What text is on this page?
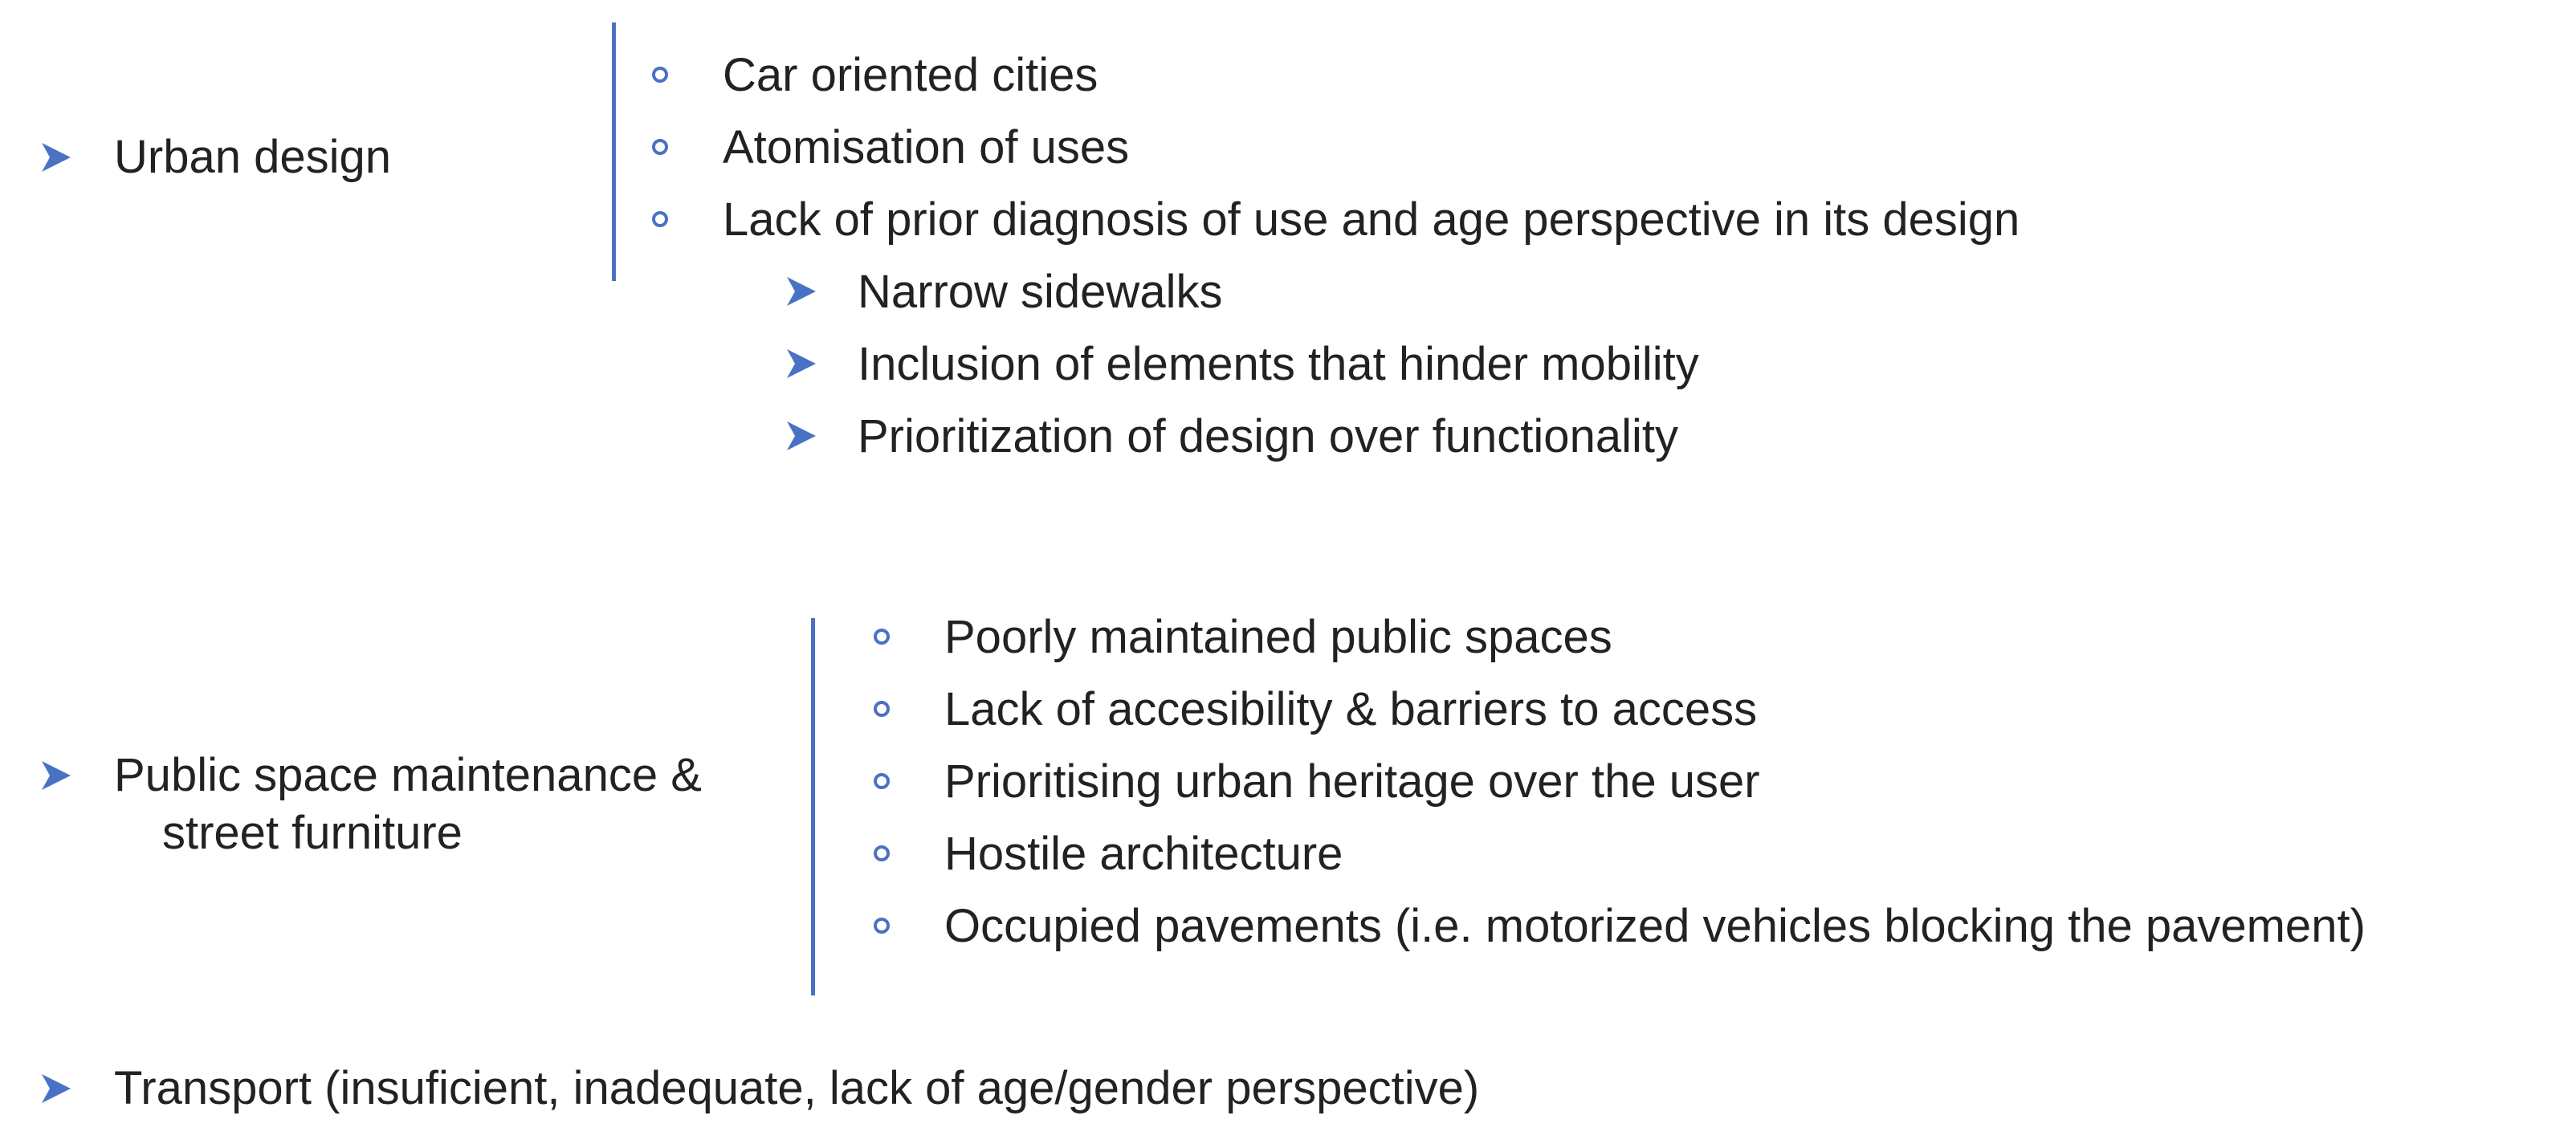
Urban design
Car oriented cities
Atomisation of uses
Lack of prior diagnosis of use and age perspective in its design
Narrow sidewalks
Inclusion of elements that hinder mobility
Prioritization of design over functionality
Public space maintenance &
street furniture
Poorly maintained public spaces
Lack of accesibility & barriers to access
Prioritising urban heritage over the user
Hostile architecture
Occupied pavements (i.e. motorized vehicles blocking the pavement)
Transport (insuficient, inadequate, lack of age/gender perspective)
